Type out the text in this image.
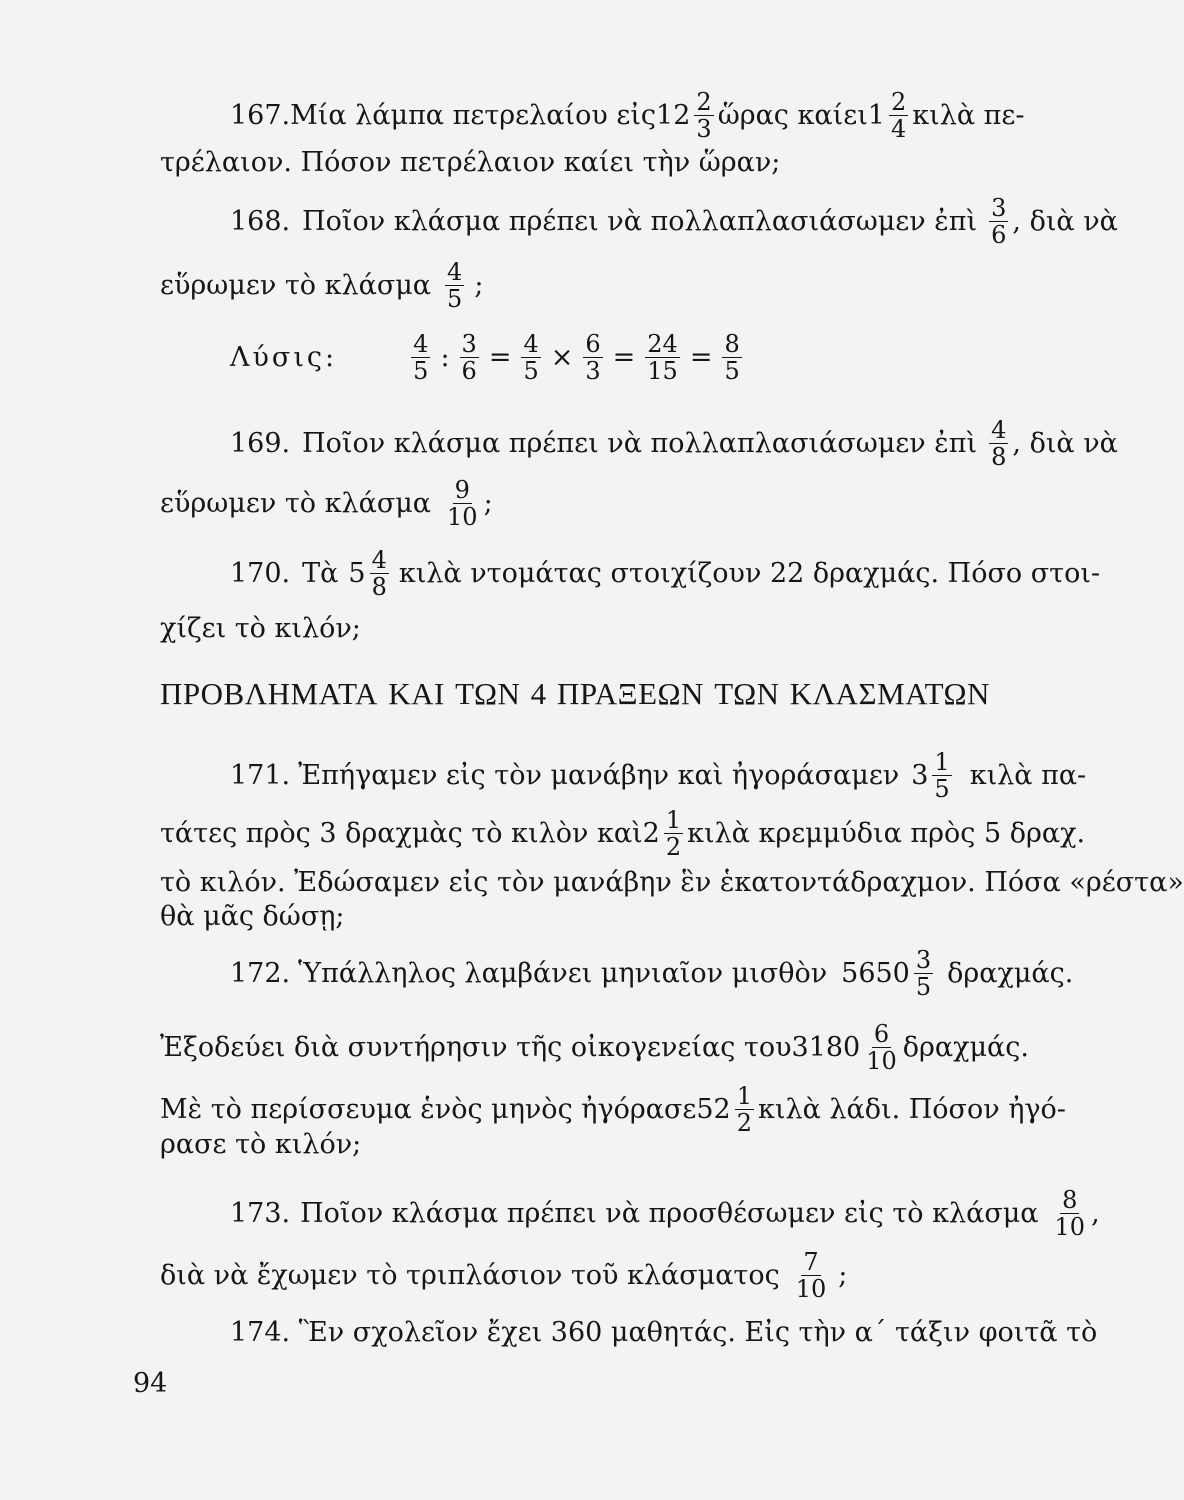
167. Μία λάμπα πετρελαίου εἰς $12 \frac{2}{3}$ ὥρας καίει $1 \frac{2}{4}$ κιλὰ πε-
τρέλαιον. Πόσον πετρέλαιον καίει τὴν ὥραν;
168. Ποῖον κλάσμα πρέπει νὰ πολλαπλασιάσωμεν ἐπὶ $\frac{3}{6}$ , διὰ νὰ
εὕρωμεν τὸ κλάσμα $\frac{4}{5}$ ;
Λύσις:	$\frac{4}{5}$ : $\frac{3}{6} = \frac{4}{5} \times \frac{6}{3} = \frac{24}{15} = \frac{8}{5}$
169. Ποῖον κλάσμα πρέπει νὰ πολλαπλασιάσωμεν ἐπὶ $\frac{4}{8}$ , διὰ νὰ
εὕρωμεν τὸ κλάσμα $\frac{9}{10}$ ;
170. Τὰ $5 \frac{4}{8}$ κιλὰ ντομάτας στοιχίζουν 22 δραχμάς. Πόσο στοι-
χίζει τὸ κιλόν;
ΠΡΟΒΛΗΜΑΤΑ ΚΑΙ ΤΩΝ 4 ΠΡΑΞΕΩΝ ΤΩΝ ΚΛΑΣΜΑΤΩΝ
171. Ἐπήγαμεν εἰς τὸν μανάβην καὶ ἠγοράσαμεν $3 \frac{1}{5}$ κιλὰ πα-
τάτες πρὸς 3 δραχμὰς τὸ κιλὸν καὶ $2 \frac{1}{2}$ κιλὰ κρεμμύδια πρὸς 5 δραχ.
τὸ κιλόν. Ἐδώσαμεν εἰς τὸν μανάβην ἓν ἑκατοντάδραχμον. Πόσα «ρέστα»
θὰ μᾶς δώσῃ;
172. Ὑπάλληλος λαμβάνει μηνιαῖον μισθὸν $5650 \frac{3}{5} \delta\rho\alpha\chi\mu ά\varsigma$.
Ἐξοδεύει διὰ συντήρησιν τῆς οἰκογενείας του $3180 \frac{6}{10} \delta\rho\alpha\chi\mu ά\varsigma$.
Μὲ τὸ περίσσευμα ἑνὸς μηνὸς ἠγόρασε $52 \frac{1}{2}$ κιλὰ λάδι. Πόσον ἠγό-
ρασε τὸ κιλόν;
173. Ποῖον κλάσμα πρέπει νὰ προσθέσωμεν εἰς τὸ κλάσμα $\frac{8}{10}$ ,
διὰ νὰ ἔχωμεν τὸ τριπλάσιον τοῦ κλάσματος $\frac{7}{10}$ ;
174. Ἓν σχολεῖον ἔχει 360 μαθητάς. Εἰς τὴν α΄ τάξιν φοιτᾶ τὸ
94
